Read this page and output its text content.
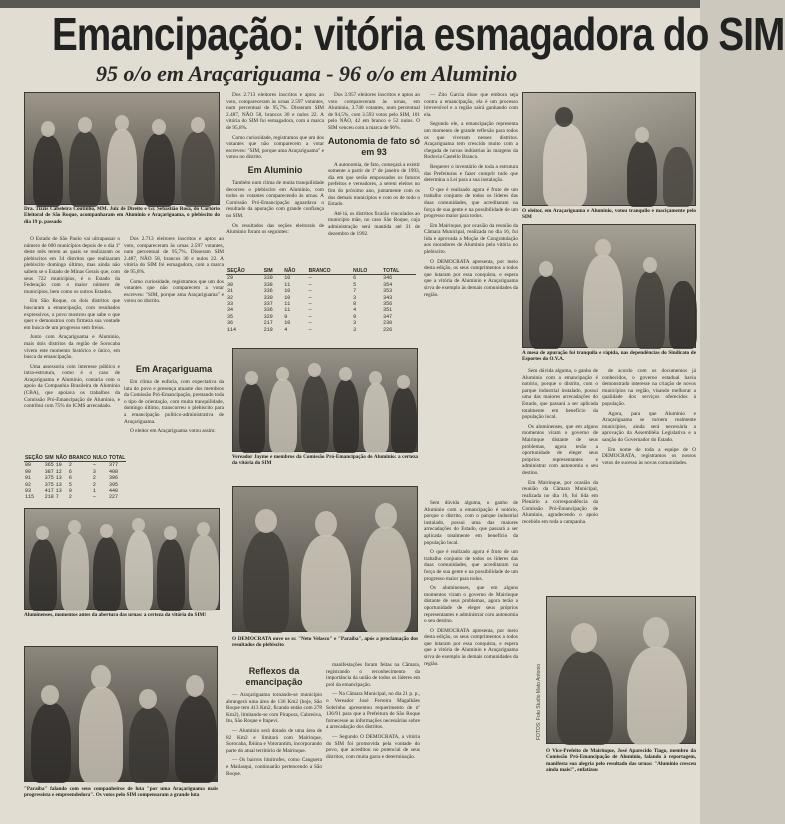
Emancipação: vitória esmagadora do SIM
95 o/o em Araçariguama - 96 o/o em Aluminio
Dra. Tizzis Cabeleira Coutinho, MM. Juiz de Direito e Gr. Sebastião Rosa, do Cartório Eleitoral de São Roque, acompanharam em Aluminio e Araçariguama, o plebiscito do dia 19 p. passado

O Estado de São Paulo vai ultrapassar o número de 600 municípios depois de o dia 1º deste mês terem as quais se realizaram os plebiscitos em 34 distritos que realizaram plebiscito domingo último, mas ainda não sabem se o Estado de Minas Gerais que, com seus 722 municípios, é o Estado da Federação com o maior número de municípios, bem como os outros Estados.

Em São Roque, os dois distritos que buscaram a emancipação, com resultados expressivos, o povo mostrou que sabe o que quer e demonstrou com firmeza sua vontade em busca de um progresso sem freios.

Junto com Araçariguama e Aluminio, mais dois distritos da região de Sorocaba vivem este momento histórico e único, em busca da emancipação.

Uma assessoria com interesse público e intra-estrutura, como é o caso de Araçariguama e Aluminio, contaria com o apoio da Companhia Brasileira de Aluminio (CBA), que apoiava os trabalhos da Comissão Pró-Emancipação de Aluminio, e contribui com 75% do ICMS arrecadado.

SEÇÃO	SIM	NÃO	BRANCO	NULO	TOTAL
89	365	10	2	—	377
90	387	12	6	3	408
91	375	13	6	2	396
92	375	13	5	2	395
93	417	13	9	1	440
115	218	7	2	—	227

Dos 2.713 eleitores inscritos e aptos ao voto, compareceram às urnas 2.597 votantes, num percentual de 95,7%. Disseram SIM 2.487, NÃO 58, brancos 30 e nulos 22. A vitória do SIM foi esmagadora, com a marca de 95,8%.

Como curiosidade, registramos que um dos votantes que não comparecem a votar escreveu: "SIM, porque ama Araçariguama" e votou no distrito.

Dos 2.713 eleitores inscritos e aptos ao voto, compareceram às urnas 2.597 votantes, num percentual de 95,7%. Disseram SIM 2.487, NÃO 58, brancos 30 e nulos 22. A vitória do SIM foi esmagadora, com a marca de 95,8%.

Como curiosidade, registramos que um dos votantes que não comparecem a votar escreveu: "SIM, porque ama Araçariguama" e votou no distrito.

Em Aluminio

Também num clima de muita tranquilidade decorreu o plebiscito em Aluminio, com todos os votantes comparecendo às urnas. A Comissão Pró-Emancipação aguardava o resultado da apuração com grande confiança no SIM.

Os resultados das seções eleitorais de Aluminio foram os seguintes:

SEÇÃO	SIM	NÃO	BRANCO	NULO	TOTAL
29	330	10	—	6	346
30	338	11	—	5	354
31	336	10	—	7	353
32	330	10	—	3	343
33	337	11	—	8	356
34	336	11	—	4	351
35	329	9	—	9	347
36	217	10	—	3	230
114	219	4	—	3	226
Em Araçariguama

Em clima de euforia, com expectativa da luta do povo e presença atuante dos membros da Comissão Pró-Emancipação, prestando toda o tipo de orientação, com muita tranquilidade, domingo último, transcorreu o plebiscito para a emancipação político-administrativa de Araçariguama.

O eleitor em Araçariguama votou assim:

Dos 3.957 eleitores inscritos e aptos ao voto compareceram às urnas, em Aluminio, 3.740 votantes, num percentual de 94,5%, com 3.593 votos pelo SIM, 101 pelo NÃO, 42 em branco e 52 nulos. O SIM venceu com a marca de 96%.

Autonomia de fato só em 93

A autonomia, de fato, começará a existir somente a partir de 1º de janeiro de 1993, dia em que serão empossados os futuros prefeitos e vereadores, a serem eleitos no fim do próximo ano, juntamente com os dos demais municípios e com os de todo o Estado.

Até lá, os distritos ficarão vinculados ao município mãe, no caso São Roque, cuja administração será mantida até 31 de dezembro de 1992.

— Zito Garcia disse que embora seja contra a emancipação, ela é um processo irreversível e a região sairá ganhando com ela.

Segundo ele, a emancipação representa um momento de grande reflexão para todos os que viveram nesses distritos. Araçariguama tem crescido muito com a chegada de novas indústrias às margens da Rodovia Castello Branco.

Requerer o inventário de toda a estrutura das Prefeituras e fazer cumprir tudo que determina a Lei para a sua instalação.

O que é realizado agora é fruto de um trabalho conjunto de todos os líderes das duas comunidades, que acreditaram na força de sua gente e na possibilidade de um progresso maior para todos.

Em Mairinque, por ocasião da reunião da Câmara Municipal, realizada no dia 16, foi lida e aprovada a Moção de Congratulação aos moradores de Aluminio pela vitória no plebiscito.

O DEMOCRATA apresenta, por meio desta edição, os seus cumprimentos a todos que lutaram por essa conquista, e espera que a vitória de Aluminio e Araçariguama sirva de exemplo às demais comunidades da região.

O eleitor, em Araçariguama e Aluminio, votou tranquilo e maciçamente pelo SIM
A mesa de apuração foi tranquila e rápida, nas dependências do Sindicato de Esportes do O.V.A.

Sem dúvida alguma, o ganho de Aluminio com a emancipação é notório, porque o distrito, com o parque industrial instalado, possui uma das maiores arrecadações do Estado, que passará a ser aplicada totalmente em benefício da população local.

Os aluminenses, que em alguns momentos viram o governo de Mairinque distante de seus problemas, agora terão a oportunidade de eleger seus próprios representantes e administrar com autonomia o seu destino.

Em Mairinque, por ocasião da reunião da Câmara Municipal, realizada no dia 16, foi lida em Plenário a correspondência da Comissão Pró-Emancipação de Aluminio, agradecendo o apoio recebido em toda a campanha.

de acordo com os documentos já conhecidos, o governo estadual havia demonstrado interesse na criação de novos municípios na região, visando melhorar a qualidade dos serviços oferecidos à população.

Agora, para que Aluminio e Araçariguama se tornem realmente municípios, ainda será necessária a aprovação da Assembléia Legislativa e a sanção do Governador do Estado.

Em nome de toda a equipe de O DEMOCRATA, registramos os nossos votos de sucesso às novas comunidades.

Vereador Jayme e membros da Comissão Pró-Emancipação de Aluminio: a certeza da vitória do SIM
Aluminenses, momentos antes da abertura das urnas: a certeza da vitória do SIM!
O DEMOCRATA ouve os sr. "Neto Velasco" e "Paraíba", após a proclamação dos resultados do plebiscito
"Paraíba" falando com seus companheiros de luta "por uma Araçariguama mais progressista e empreendedora". Os votos pelo SIM compensaram a grande luta
Reflexos da emancipação

— Araçariguama tornando-se município abrangerá uma área de 136 Km2 (hoje, São Roque tem 413 Km2, ficando então com 278 Km2), limitando-se com Pirapora, Cabreúva, Itu, São Roque e Itapevi.

— Aluminio será dotado de uma área de 82 Km2 e limitará com Mairinque, Sorocaba, Ibiúna e Votorantim, incorporando parte do atual território de Mairinque.

— Os bairros limítrofes, como Canguera e Mailasqui, continuarão pertencendo a São Roque.

manifestações foram feitas na Câmara, registrando o reconhecimento da importância da união de todos os líderes em prol da emancipação.

— Na Câmara Municipal, no dia 21 p. p., o Vereador José Ferreira Magalhães Sobrinho apresentou requerimento de nº 136/91 para que a Prefeitura de São Roque fornecesse as informações necessárias sobre a arrecadação dos distritos.

— Segundo O DEMOCRATA, a vitória do SIM foi promovida pela vontade do povo, que acreditou no potencial de seus distritos, com muita garra e determinação.

Sem dúvida alguma, o ganho de Aluminio com a emancipação é notório, porque o distrito, com o parque industrial instalado, possui uma das maiores arrecadações do Estado, que passará a ser aplicada totalmente em benefício da população local.

O que é realizado agora é fruto de um trabalho conjunto de todos os líderes das duas comunidades, que acreditaram na força de sua gente e na possibilidade de um progresso maior para todos.

Os aluminenses, que em alguns momentos viram o governo de Mairinque distante de seus problemas, agora terão a oportunidade de eleger seus próprios representantes e administrar com autonomia o seu destino.

O DEMOCRATA apresenta, por meio desta edição, os seus cumprimentos a todos que lutaram por essa conquista, e espera que a vitória de Aluminio e Araçariguama sirva de exemplo às demais comunidades da região.

FOTOS: Foto Studio Mato Antonio
O Vice-Prefeito de Mairinque, José Aparecido Tiago, membro da Comissão Pró-Emancipação de Aluminio, falando à reportagem, manifesta sua alegria pelo resultado das urnas: "Aluminio cresceu ainda mais!", enfatizou
